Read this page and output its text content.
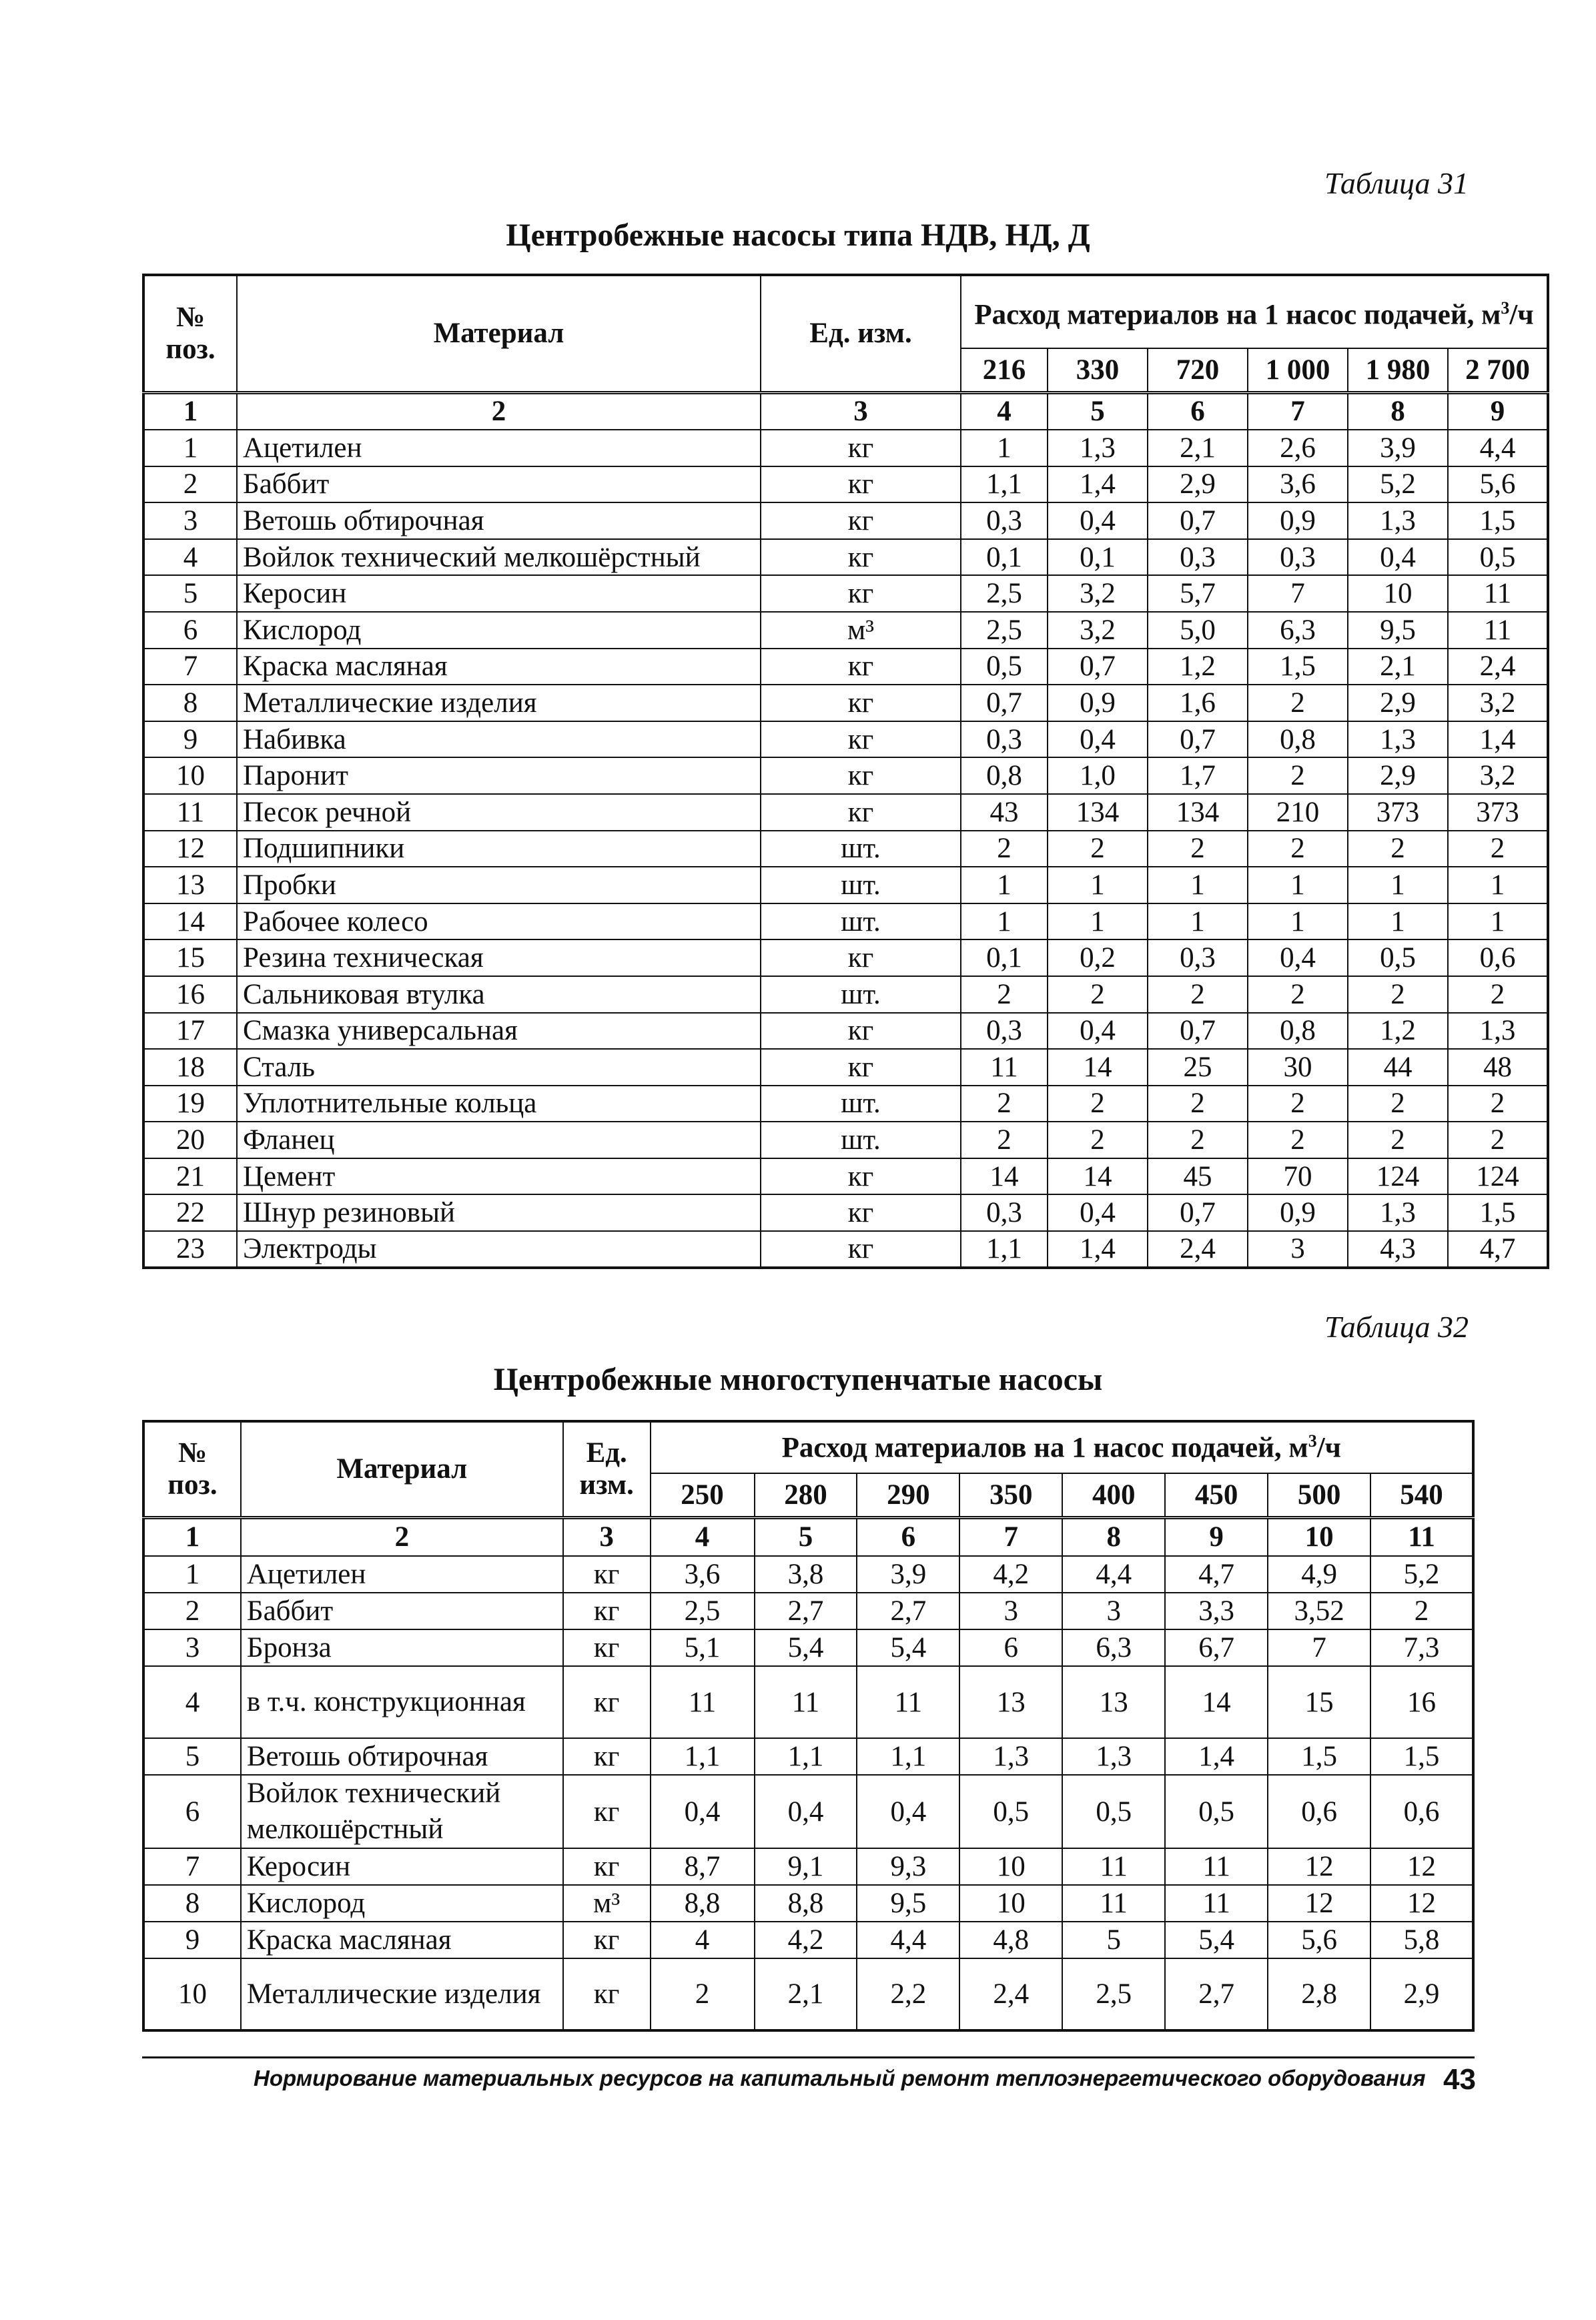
Таблица 31
Центробежные насосы типа НДВ, НД, Д
№ поз.	Материал	Ед. изм.	Расход материалов на 1 насос подачей, $м^3/ч$					
			216	330	720	1 000	1 980	2 700
1	2	3	4	5	6	7	8	9
1	Ацетилен	кг	1	1,3	2,1	2,6	3,9	4,4
2	Баббит	кг	1,1	1,4	2,9	3,6	5,2	5,6
3	Ветошь обтирочная	кг	0,3	0,4	0,7	0,9	1,3	1,5
4	Войлок технический мелкошёрстный	кг	0,1	0,1	0,3	0,3	0,4	0,5
5	Керосин	кг	2,5	3,2	5,7	7	10	11
6	Кислород	м³	2,5	3,2	5,0	6,3	9,5	11
7	Краска масляная	кг	0,5	0,7	1,2	1,5	2,1	2,4
8	Металлические изделия	кг	0,7	0,9	1,6	2	2,9	3,2
9	Набивка	кг	0,3	0,4	0,7	0,8	1,3	1,4
10	Паронит	кг	0,8	1,0	1,7	2	2,9	3,2
11	Песок речной	кг	43	134	134	210	373	373
12	Подшипники	шт.	2	2	2	2	2	2
13	Пробки	шт.	1	1	1	1	1	1
14	Рабочее колесо	шт.	1	1	1	1	1	1
15	Резина техническая	кг	0,1	0,2	0,3	0,4	0,5	0,6
16	Сальниковая втулка	шт.	2	2	2	2	2	2
17	Смазка универсальная	кг	0,3	0,4	0,7	0,8	1,2	1,3
18	Сталь	кг	11	14	25	30	44	48
19	Уплотнительные кольца	шт.	2	2	2	2	2	2
20	Фланец	шт.	2	2	2	2	2	2
21	Цемент	кг	14	14	45	70	124	124
22	Шнур резиновый	кг	0,3	0,4	0,7	0,9	1,3	1,5
23	Электроды	кг	1,1	1,4	2,4	3	4,3	4,7
Таблица 32
Центробежные многоступенчатые насосы
№ поз.	Материал	Ед. изм.	Расход материалов на 1 насос подачей, $м^3/ч$							
			250	280	290	350	400	450	500	540
1	2	3	4	5	6	7	8	9	10	11
1	Ацетилен	кг	3,6	3,8	3,9	4,2	4,4	4,7	4,9	5,2
2	Баббит	кг	2,5	2,7	2,7	3	3	3,3	3,52	2
3	Бронза	кг	5,1	5,4	5,4	6	6,3	6,7	7	7,3
4	в т.ч. конструкционная	кг	11	11	11	13	13	14	15	16
5	Ветошь обтирочная	кг	1,1	1,1	1,1	1,3	1,3	1,4	1,5	1,5
6	Войлок технический мелкошёрстный	кг	0,4	0,4	0,4	0,5	0,5	0,5	0,6	0,6
7	Керосин	кг	8,7	9,1	9,3	10	11	11	12	12
8	Кислород	м³	8,8	8,8	9,5	10	11	11	12	12
9	Краска масляная	кг	4	4,2	4,4	4,8	5	5,4	5,6	5,8
10	Металлические изделия	кг	2	2,1	2,2	2,4	2,5	2,7	2,8	2,9
Нормирование материальных ресурсов на капитальный ремонт теплоэнергетического оборудования 43
